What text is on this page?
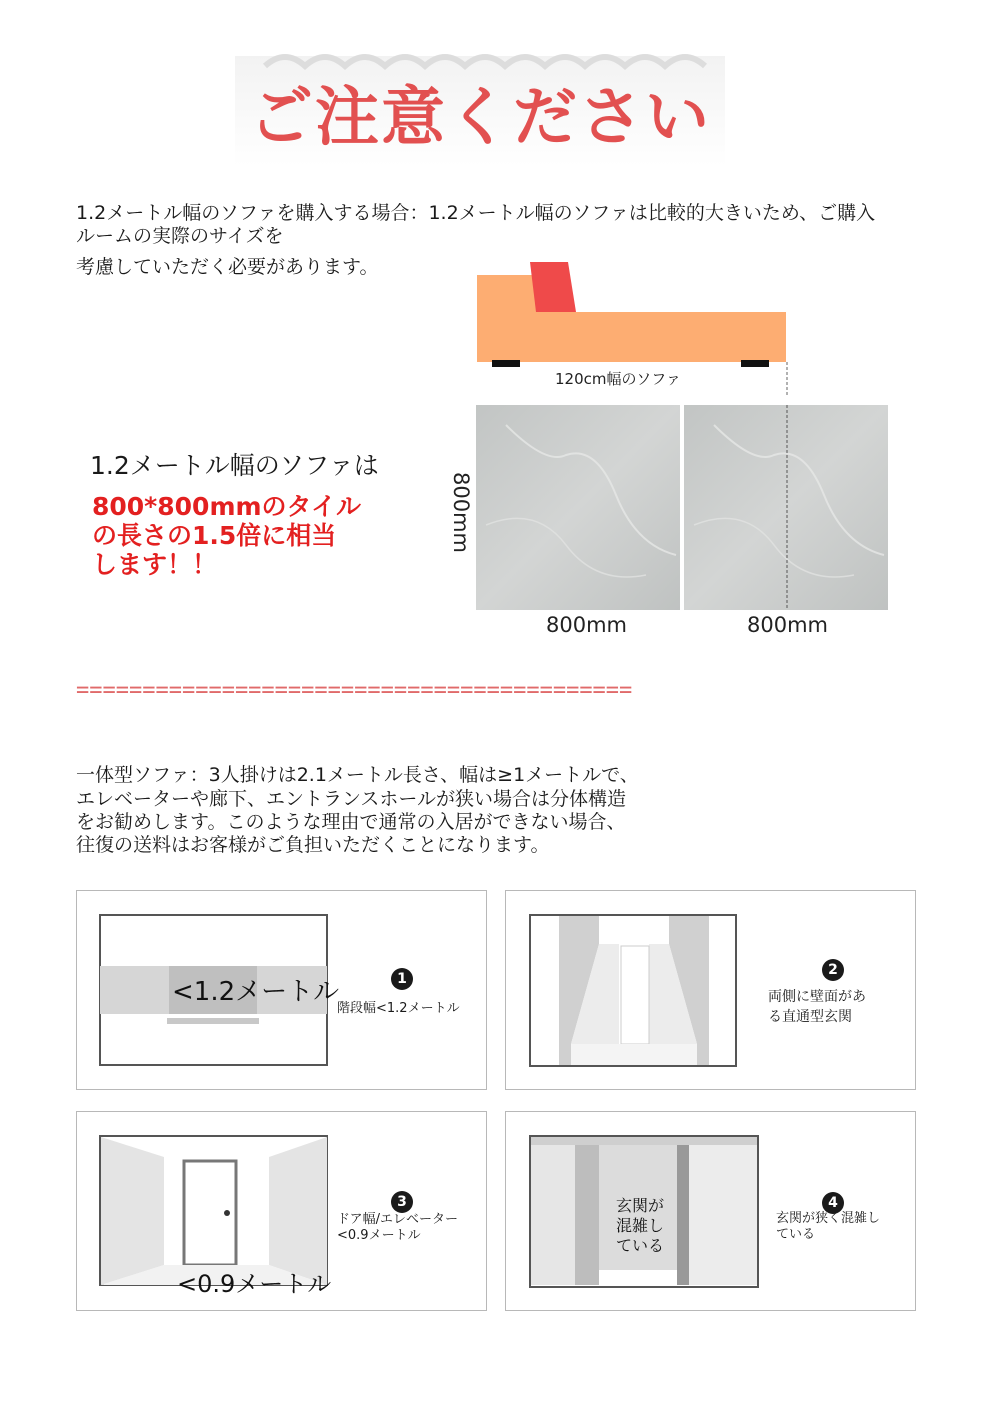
ご注意ください
1.2メートル幅のソファを購入する場合：1.2メートル幅のソファは比較的大きいため、ご購入
ルームの実際のサイズを
考慮していただく必要があります。
120cm幅のソファ
800mm
800mm	800mm
1.2メートル幅のソファは
800*800mmのタイル
の長さの1.5倍に相当
します！！
==========================================
一体型ソファ：3人掛けは2.1メートル長さ、幅は≥1メートルで、
エレベーターや廊下、エントランスホールが狭い場合は分体構造
をお勧めします。このような理由で通常の入居ができない場合、
往復の送料はお客様がご負担いただくことになります。
<1.2メートル	1
階段幅<1.2メートル
2
両側に壁面があ
る直通型玄関
<0.9メートル
3
ドア幅/エレベーター
<0.9メートル
玄関が
混雑し
ている
4
玄関が狭く混雑し
ている
